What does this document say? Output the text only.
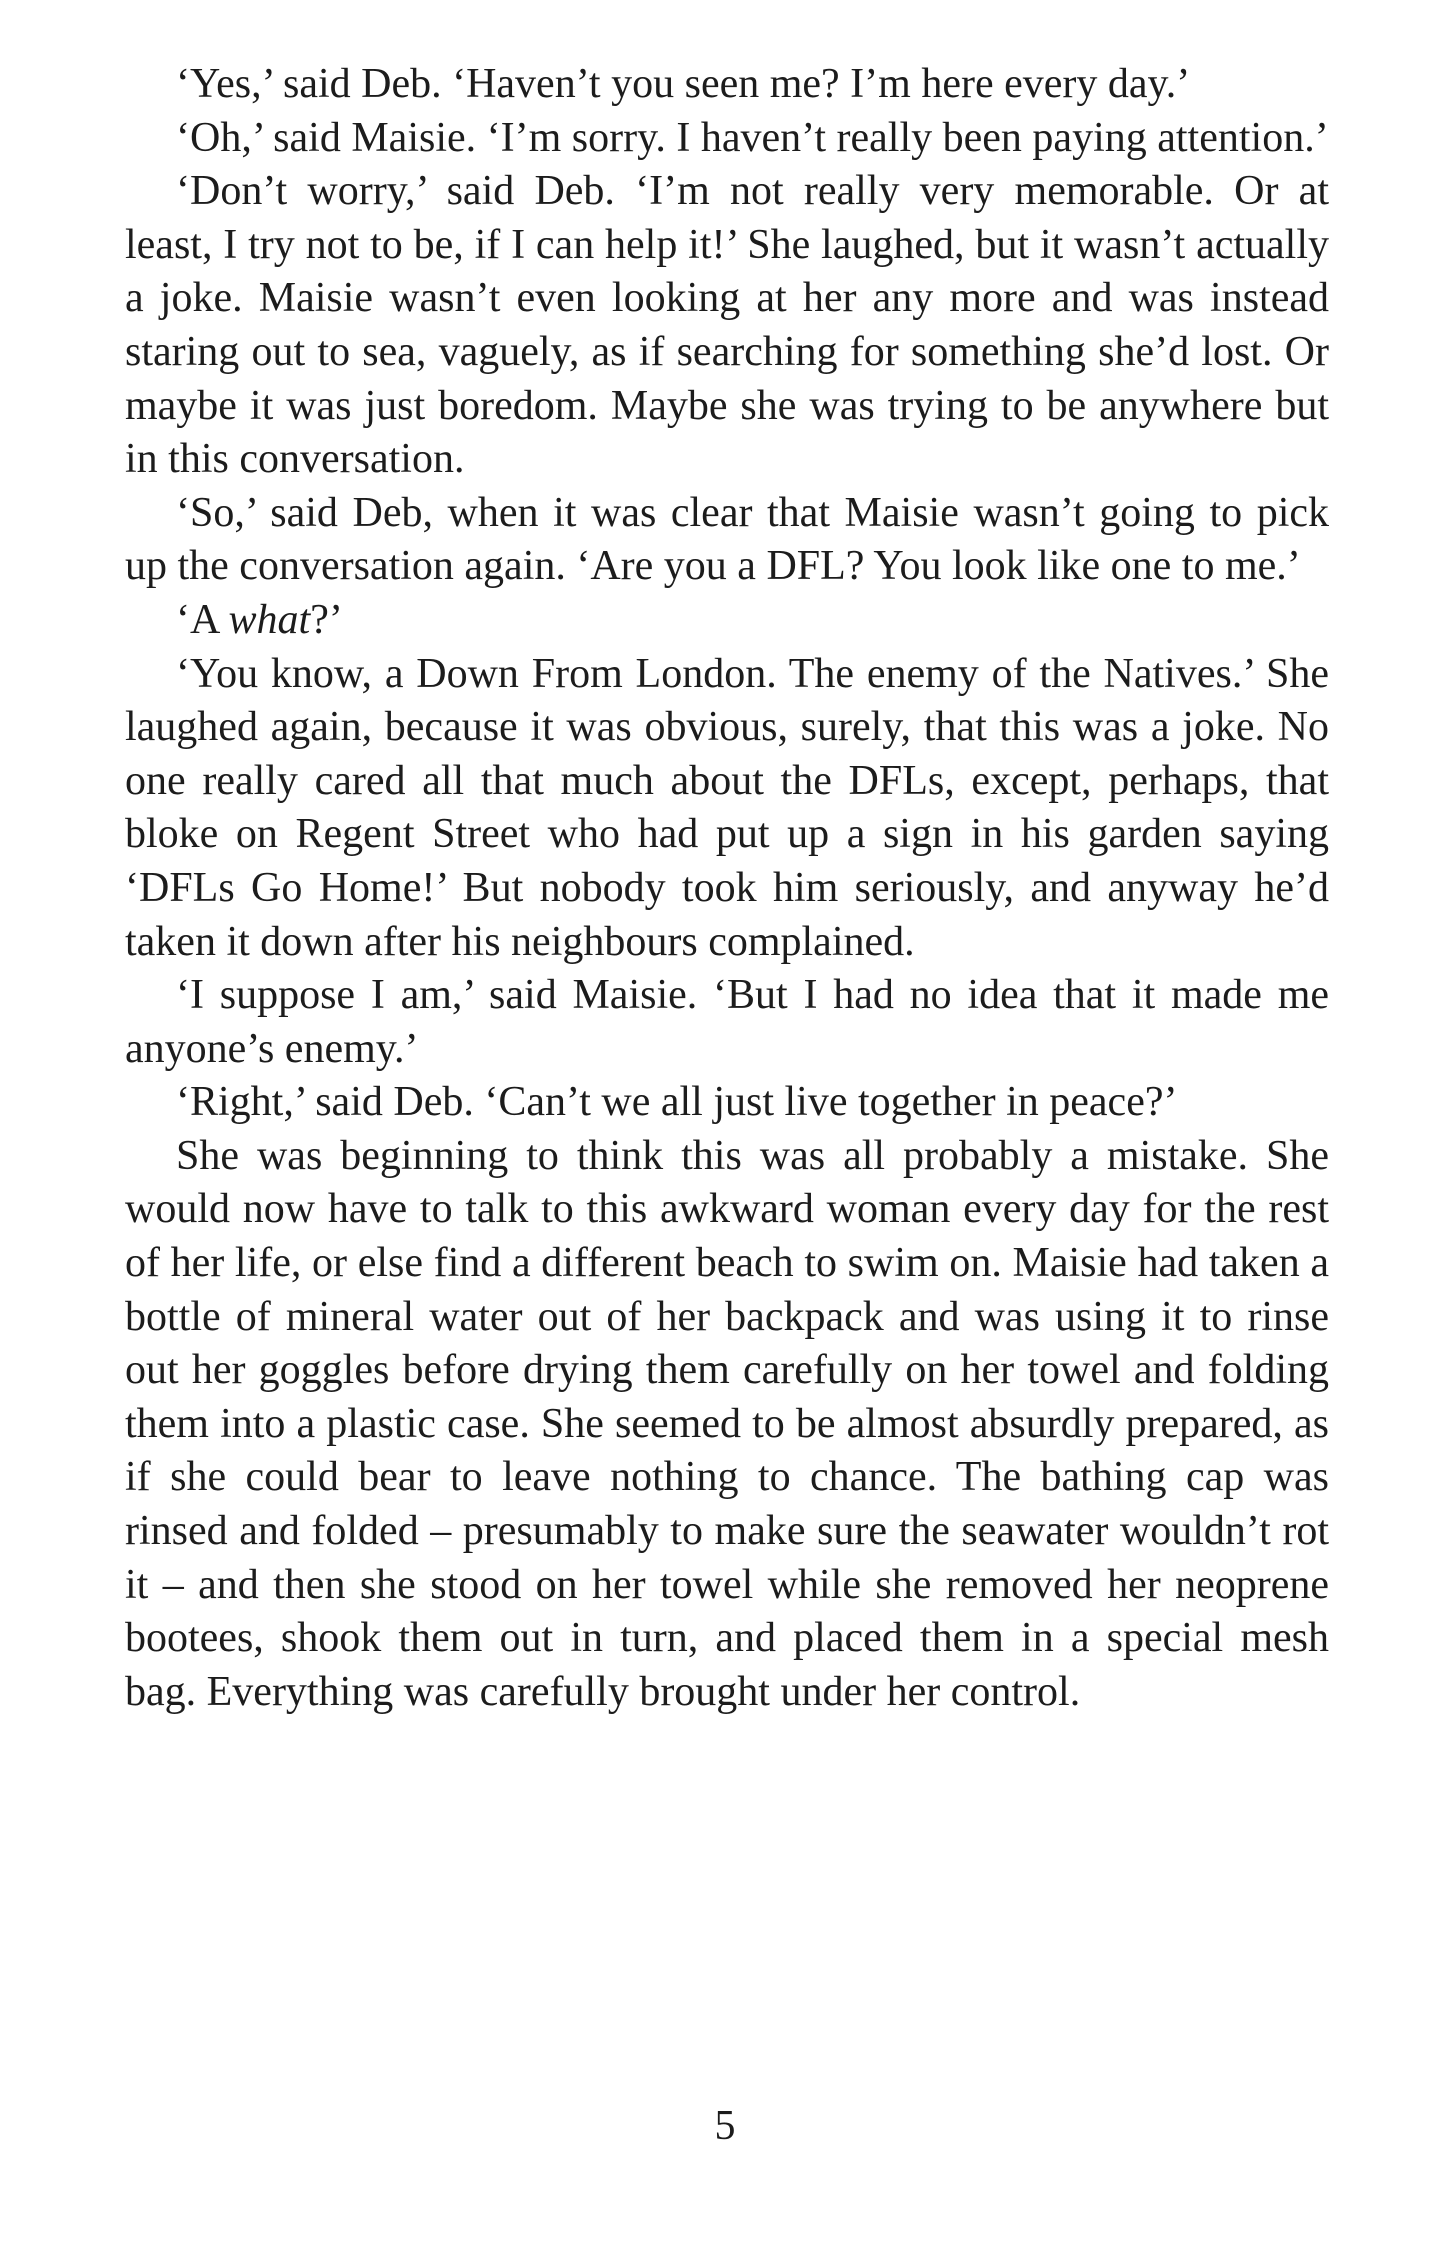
‘Yes,’ said Deb. ‘Haven’t you seen me? I’m here every day.’

‘Oh,’ said Maisie. ‘I’m sorry. I haven’t really been paying attention.’

‘Don’t worry,’ said Deb. ‘I’m not really very memorable. Or at least, I try not to be, if I can help it!’ She laughed, but it wasn’t actually a joke. Maisie wasn’t even looking at her any more and was instead staring out to sea, vaguely, as if searching for something she’d lost. Or maybe it was just boredom. Maybe she was trying to be anywhere but in this conversation.

‘So,’ said Deb, when it was clear that Maisie wasn’t going to pick up the conversation again. ‘Are you a DFL? You look like one to me.’

‘A what?’

‘You know, a Down From London. The enemy of the Natives.’ She laughed again, because it was obvious, surely, that this was a joke. No one really cared all that much about the DFLs, except, perhaps, that bloke on Regent Street who had put up a sign in his garden saying ‘DFLs Go Home!’ But nobody took him seriously, and anyway he’d taken it down after his neighbours complained.

‘I suppose I am,’ said Maisie. ‘But I had no idea that it made me anyone’s enemy.’

‘Right,’ said Deb. ‘Can’t we all just live together in peace?’

She was beginning to think this was all probably a mistake. She would now have to talk to this awkward woman every day for the rest of her life, or else find a different beach to swim on. Maisie had taken a bottle of mineral water out of her backpack and was using it to rinse out her goggles before drying them carefully on her towel and folding them into a plastic case. She seemed to be almost absurdly prepared, as if she could bear to leave nothing to chance. The bathing cap was rinsed and folded – presumably to make sure the seawater wouldn’t rot it – and then she stood on her towel while she removed her neoprene bootees, shook them out in turn, and placed them in a special mesh bag. Everything was carefully brought under her control.

5
